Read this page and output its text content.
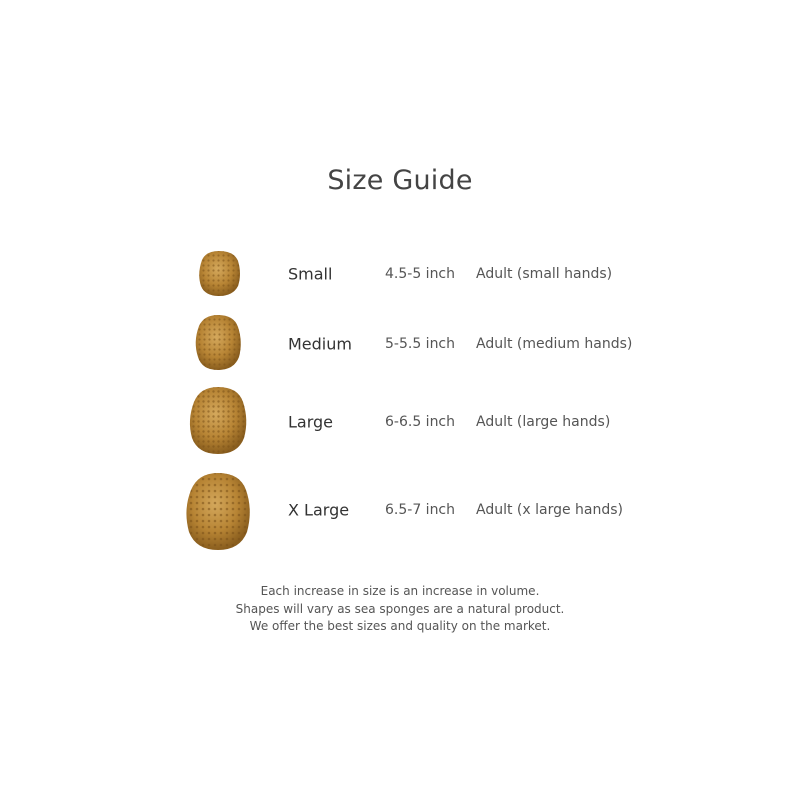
Size Guide
Small	4.5-5 inch Adult (small hands)
Medium 5-5.5 inch Adult (medium hands)
Large	6-6.5 inch Adult (large hands)
X Large	6.5-7 inch Adult (x large hands)
Each increase in size is an increase in volume.
Shapes will vary as sea sponges are a natural product.
We offer the best sizes and quality on the market.
